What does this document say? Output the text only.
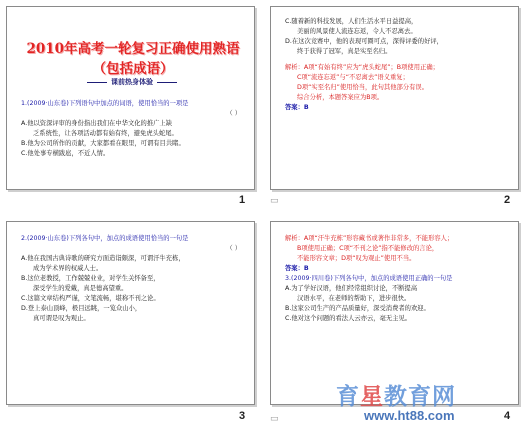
2010年高考一轮复习正确使用熟语（包括成语）
课前热身体验
1.(2009·山东卷)下列语句中加点的词语，使用恰当的一项是
（ ）
A.他以资深评审的身份指出我们在中华文化的推广上缺
乏系统性，让各项活动都有始有终，避免虎头蛇尾。
B.他为公司所作的贡献，大家都看在眼里，可谓有目共睹。
C.他处事专横跋扈，不近人情。
1
C.随着新的科技发展，人们生活水平日益提高，
美丽的风景使人流连忘返，令人不忍离去。
D.在这次竞赛中，他的表现可圈可点，深得评委的好评，
终于获得了冠军，真是实至名归。
解析：A项“有始有终”应为“虎头蛇尾”；B项使用正确；
C项“流连忘返”与“不忍离去”语义重复；
D项“实至名归”使用恰当，此句其他部分有误。
综合分析，本题答案应为B项。
答案：B
▭	2
2.(2009·山东卷)下列各句中，加点的成语使用恰当的一句是
（ ）
A.他在我国古典诗歌的研究方面造诣颇深，可谓汗牛充栋，
成为学术界的权威人士。
B.这位老教授，工作兢兢业业，对学生关怀备至，
深受学生的爱戴，真是德高望重。
C.这篇文章结构严谨，文笔流畅，堪称不刊之论。
D.登上泰山顶峰，极目远眺，一览众山小，
真可谓是叹为观止。
3
解析：A项“汗牛充栋”形容藏书或著作非常多，不能形容人；
B项使用正确；C项“不刊之论”指不能修改的言论，
不能形容文章；D项“叹为观止”使用不当。
答案：B
3.(2009·四川卷)下列各句中，加点的成语使用正确的一句是
A.为了学好汉语，他们经常组织讨论，不断提高
汉语水平，在老师的帮助下，进步很快。
B.这家公司生产的产品质量好，深受消费者的欢迎。
C.他对这个问题的看法人云亦云，毫无主见。
▭	4
育星教育网
www.ht88.com
